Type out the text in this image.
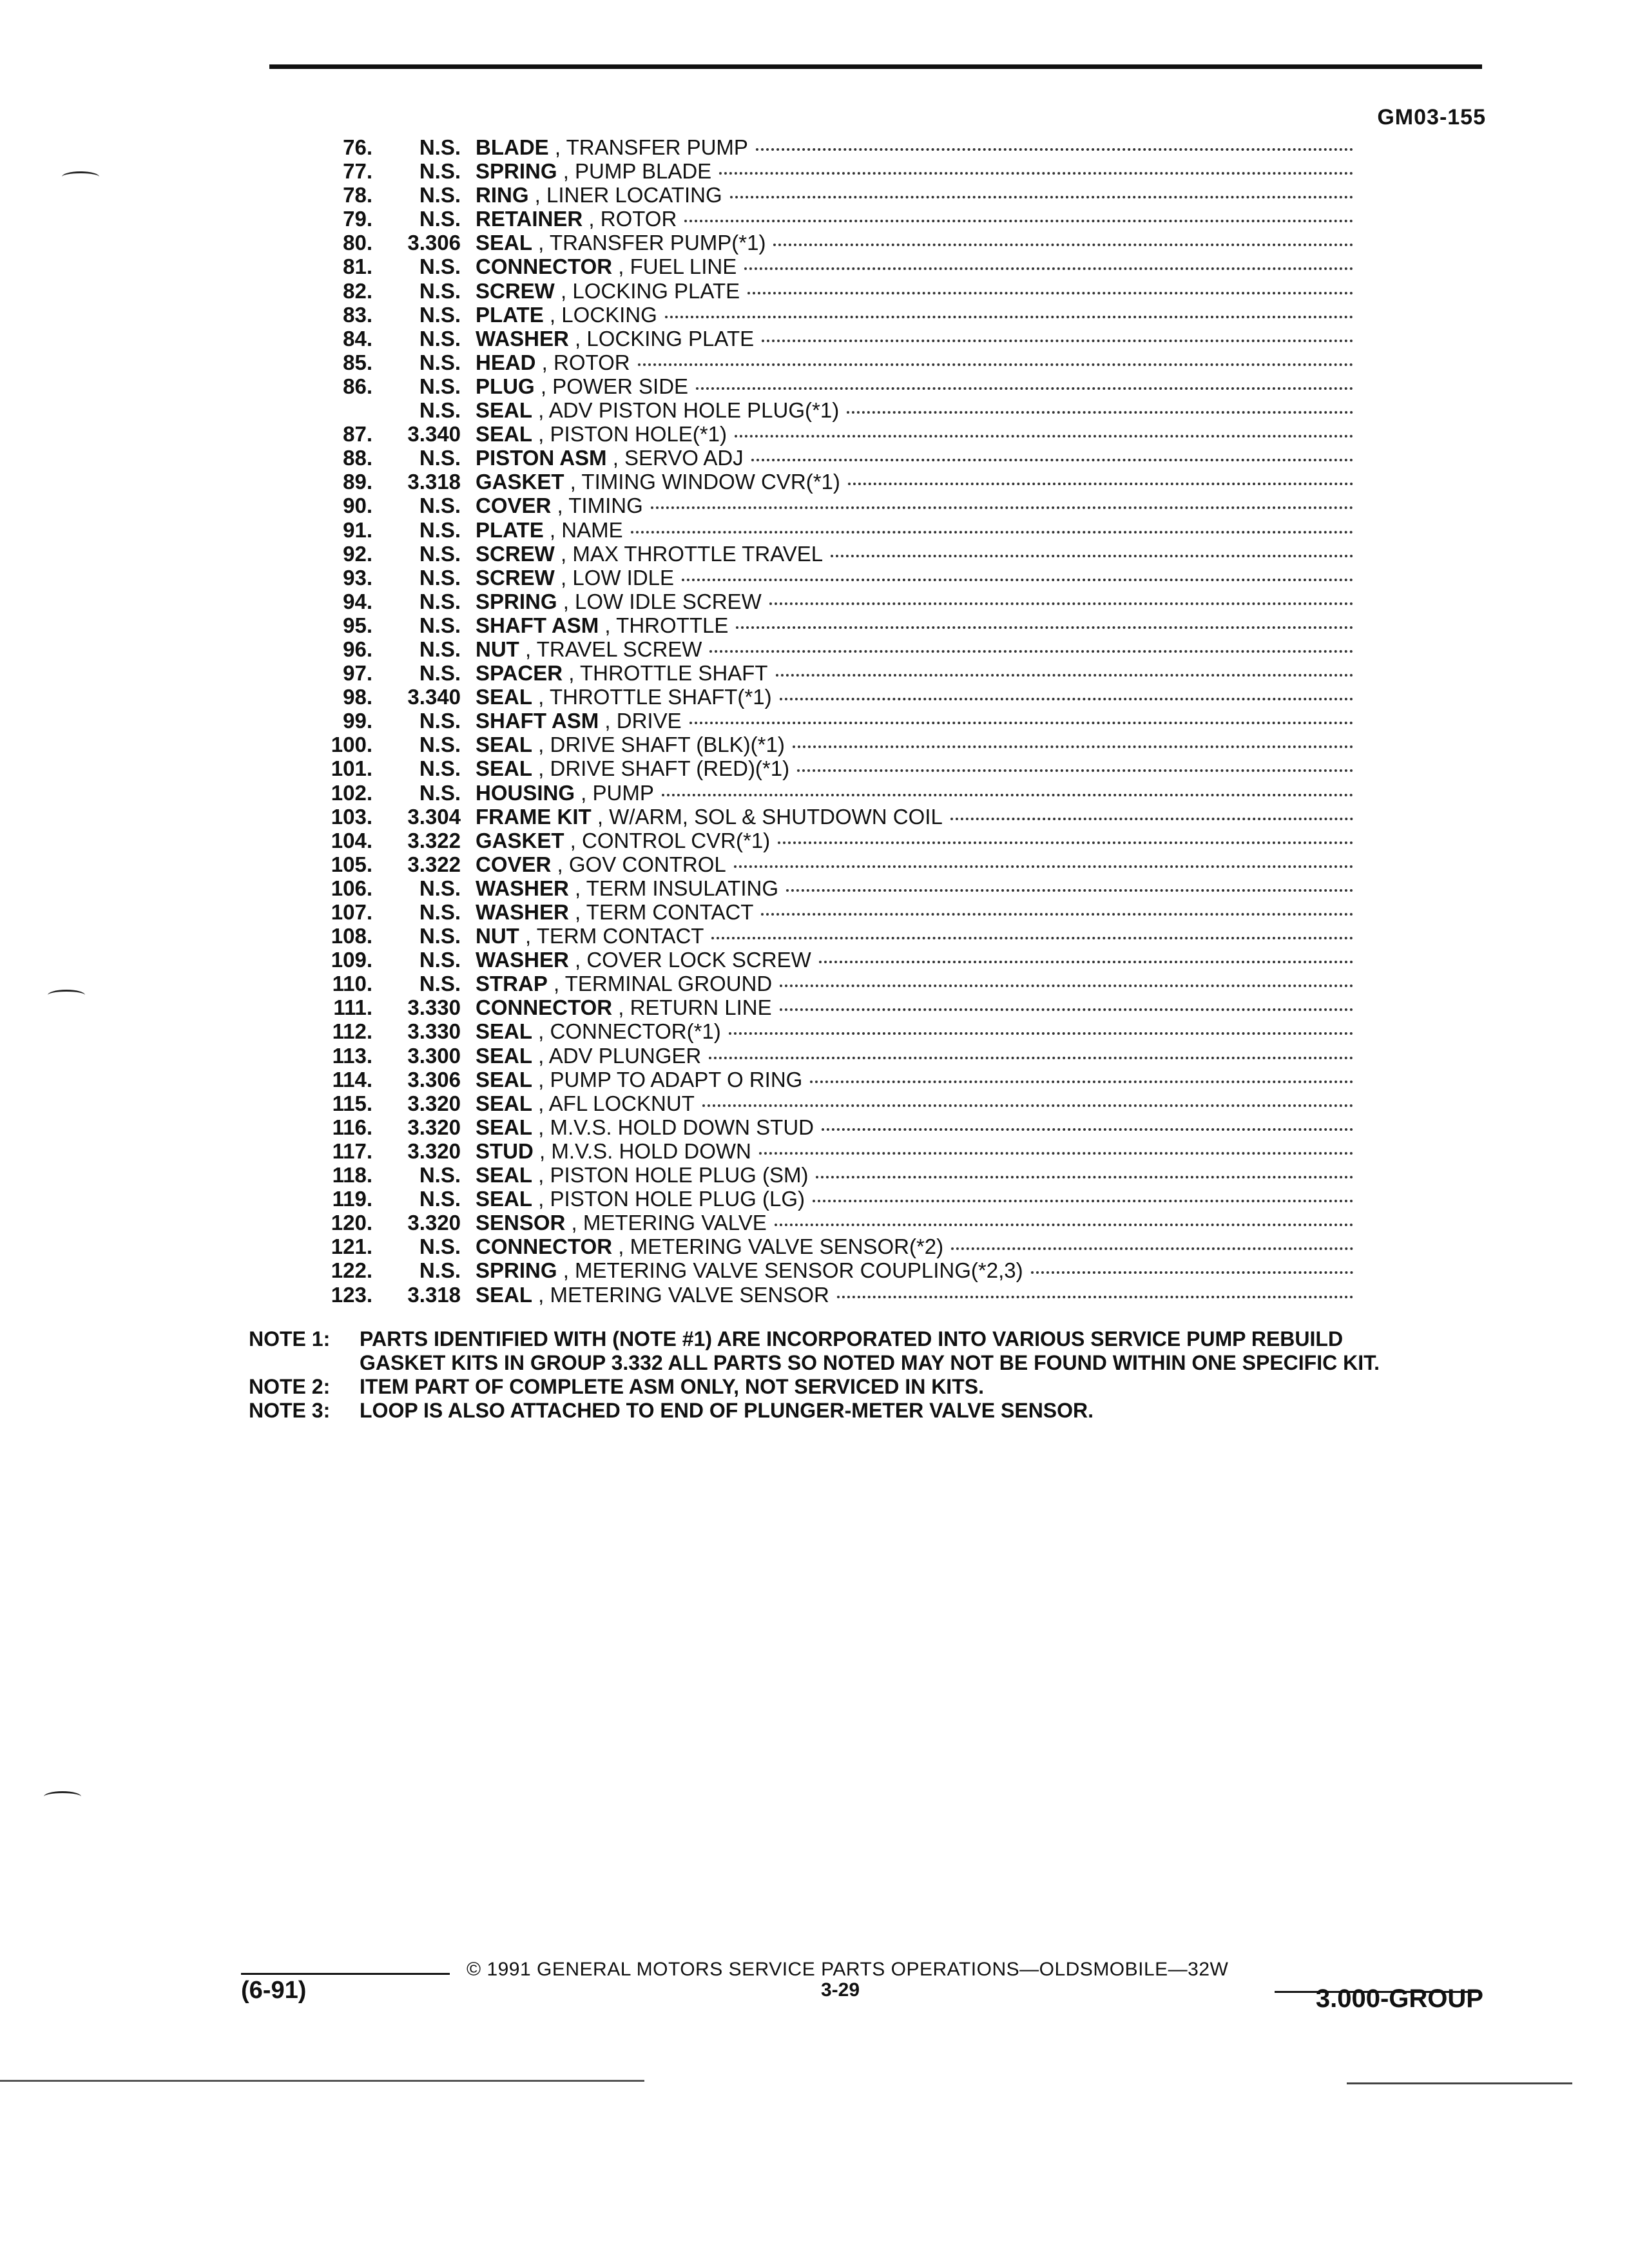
GM03-155
76.	N.S. BLADE , TRANSFER PUMP
77.	N.S. SPRING , PUMP BLADE
78.	N.S. RING , LINER LOCATING
79.	N.S. RETAINER , ROTOR
80.	3.306 SEAL , TRANSFER PUMP(*1)
81.	N.S. CONNECTOR , FUEL LINE
82.	N.S. SCREW , LOCKING PLATE
83.	N.S. PLATE , LOCKING
84.	N.S. WASHER , LOCKING PLATE
85.	N.S. HEAD , ROTOR
86.	N.S. PLUG , POWER SIDE
N.S. SEAL , ADV PISTON HOLE PLUG(*1)
87.	3.340 SEAL , PISTON HOLE(*1)
88.	N.S. PISTON ASM , SERVO ADJ
89.	3.318 GASKET , TIMING WINDOW CVR(*1)
90.	N.S. COVER , TIMING
91.	N.S. PLATE , NAME
92.	N.S. SCREW , MAX THROTTLE TRAVEL
93.	N.S. SCREW , LOW IDLE
94.	N.S. SPRING , LOW IDLE SCREW
95.	N.S. SHAFT ASM , THROTTLE
96.	N.S. NUT , TRAVEL SCREW
97.	N.S. SPACER , THROTTLE SHAFT
98.	3.340 SEAL , THROTTLE SHAFT(*1)
99.	N.S. SHAFT ASM , DRIVE
100.	N.S. SEAL , DRIVE SHAFT (BLK)(*1)
101.	N.S. SEAL , DRIVE SHAFT (RED)(*1)
102.	N.S. HOUSING , PUMP
103.	3.304 FRAME KIT , W/ARM, SOL & SHUTDOWN COIL
104.	3.322 GASKET , CONTROL CVR(*1)
105.	3.322 COVER , GOV CONTROL
106.	N.S. WASHER , TERM INSULATING
107.	N.S. WASHER , TERM CONTACT
108.	N.S. NUT , TERM CONTACT
109.	N.S. WASHER , COVER LOCK SCREW
110.	N.S. STRAP , TERMINAL GROUND
111.	3.330 CONNECTOR , RETURN LINE
112.	3.330 SEAL , CONNECTOR(*1)
113.	3.300 SEAL , ADV PLUNGER
114.	3.306 SEAL , PUMP TO ADAPT O RING
115.	3.320 SEAL , AFL LOCKNUT
116.	3.320 SEAL , M.V.S. HOLD DOWN STUD
117.	3.320 STUD , M.V.S. HOLD DOWN
118.	N.S. SEAL , PISTON HOLE PLUG (SM)
119.	N.S. SEAL , PISTON HOLE PLUG (LG)
120.	3.320 SENSOR , METERING VALVE
121.	N.S. CONNECTOR , METERING VALVE SENSOR(*2)
122.	N.S. SPRING , METERING VALVE SENSOR COUPLING(*2,3)
123.	3.318 SEAL , METERING VALVE SENSOR
NOTE 1:	PARTS IDENTIFIED WITH (NOTE #1) ARE INCORPORATED INTO VARIOUS SERVICE PUMP REBUILD
GASKET KITS IN GROUP 3.332 ALL PARTS SO NOTED MAY NOT BE FOUND WITHIN ONE SPECIFIC KIT.
NOTE 2:	ITEM PART OF COMPLETE ASM ONLY, NOT SERVICED IN KITS.
NOTE 3:	LOOP IS ALSO ATTACHED TO END OF PLUNGER-METER VALVE SENSOR.
© 1991 GENERAL MOTORS SERVICE PARTS OPERATIONS—OLDSMOBILE—32W
(6-91)	3-29	3.000-GROUP
